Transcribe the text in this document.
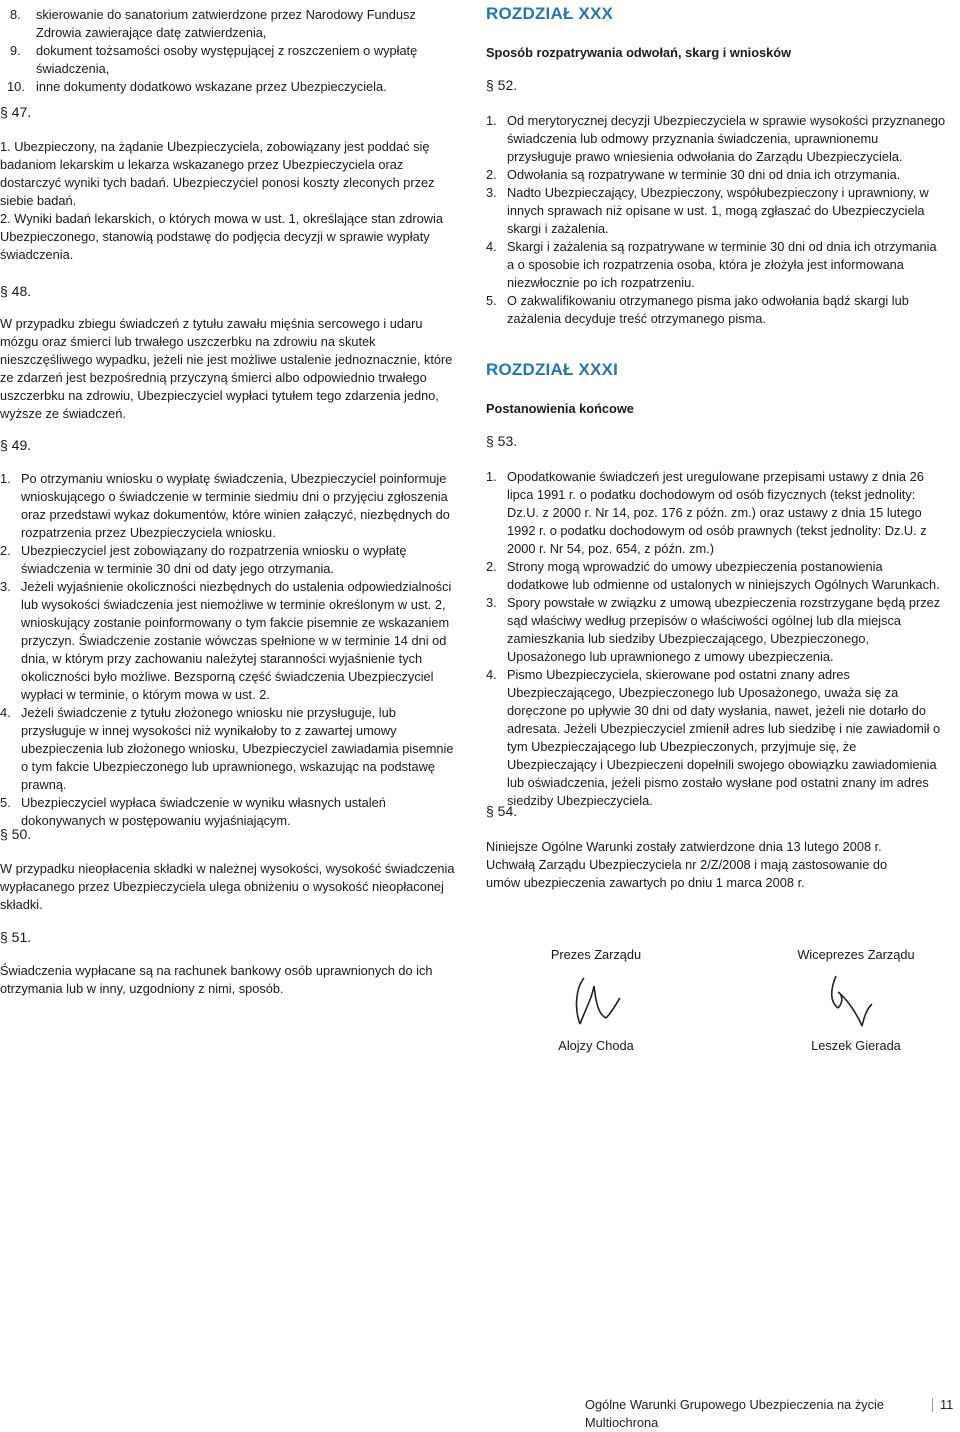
8. skierowanie do sanatorium zatwierdzone przez Narodowy Fundusz Zdrowia zawierające datę zatwierdzenia,

9. dokument tożsamości osoby występującej z roszczeniem o wypłatę świadczenia,

10. inne dokumenty dodatkowo wskazane przez Ubezpieczyciela.

§ 47.

1. Ubezpieczony, na żądanie Ubezpieczyciela, zobowiązany jest poddać się badaniom lekarskim u lekarza wskazanego przez Ubezpieczyciela oraz dostarczyć wyniki tych badań. Ubezpieczyciel ponosi koszty zleconych przez siebie badań.

2. Wyniki badań lekarskich, o których mowa w ust. 1, określające stan zdrowia Ubezpieczonego, stanowią podstawę do podjęcia decyzji w sprawie wypłaty świadczenia.

§ 48.

W przypadku zbiegu świadczeń z tytułu zawału mięśnia sercowego i udaru mózgu oraz śmierci lub trwałego uszczerbku na zdrowiu na skutek nieszczęśliwego wypadku, jeżeli nie jest możliwe ustalenie jednoznacznie, które ze zdarzeń jest bezpośrednią przyczyną śmierci albo odpowiednio trwałego uszczerbku na zdrowiu, Ubezpieczyciel wypłaci tytułem tego zdarzenia jedno, wyższe ze świadczeń.

§ 49.

1. Po otrzymaniu wniosku o wypłatę świadczenia, Ubezpieczyciel poinformuje wnioskującego o świadczenie w terminie siedmiu dni o przyjęciu zgłoszenia oraz przedstawi wykaz dokumentów, które winien załączyć, niezbędnych do rozpatrzenia przez Ubezpieczyciela wniosku.

2. Ubezpieczyciel jest zobowiązany do rozpatrzenia wniosku o wypłatę świadczenia w terminie 30 dni od daty jego otrzymania.

3. Jeżeli wyjaśnienie okoliczności niezbędnych do ustalenia odpowiedzialności lub wysokości świadczenia jest niemożliwe w terminie określonym w ust. 2, wnioskujący zostanie poinformowany o tym fakcie pisemnie ze wskazaniem przyczyn. Świadczenie zostanie wówczas spełnione w w terminie 14 dni od dnia, w którym przy zachowaniu należytej staranności wyjaśnienie tych okoliczności było możliwe. Bezsporną część świadczenia Ubezpieczyciel wypłaci w terminie, o którym mowa w ust. 2.

4. Jeżeli świadczenie z tytułu złożonego wniosku nie przysługuje, lub przysługuje w innej wysokości niż wynikałoby to z zawartej umowy ubezpieczenia lub złożonego wniosku, Ubezpieczyciel zawiadamia pisemnie o tym fakcie Ubezpieczonego lub uprawnionego, wskazując na podstawę prawną.

5. Ubezpieczyciel wypłaca świadczenie w wyniku własnych ustaleń dokonywanych w postępowaniu wyjaśniającym.

§ 50.

W przypadku nieopłacenia składki w należnej wysokości, wysokość świadczenia wypłacanego przez Ubezpieczyciela ulega obniżeniu o wysokość nieopłaconej składki.

§ 51.

Świadczenia wypłacane są na rachunek bankowy osób uprawnionych do ich otrzymania lub w inny, uzgodniony z nimi, sposób.

ROZDZIAŁ XXX
Sposób rozpatrywania odwołań, skarg i wniosków
§ 52.

1. Od merytorycznej decyzji Ubezpieczyciela w sprawie wysokości przyznanego świadczenia lub odmowy przyznania świadczenia, uprawnionemu przysługuje prawo wniesienia odwołania do Zarządu Ubezpieczyciela.

2. Odwołania są rozpatrywane w terminie 30 dni od dnia ich otrzymania.

3. Nadto Ubezpieczający, Ubezpieczony, współubezpieczony i uprawniony, w innych sprawach niż opisane w ust. 1, mogą zgłaszać do Ubezpieczyciela skargi i zażalenia.

4. Skargi i zażalenia są rozpatrywane w terminie 30 dni od dnia ich otrzymania a o sposobie ich rozpatrzenia osoba, która je złożyła jest informowana niezwłocznie po ich rozpatrzeniu.

5. O zakwalifikowaniu otrzymanego pisma jako odwołania bądź skargi lub zażalenia decyduje treść otrzymanego pisma.

ROZDZIAŁ XXXI
Postanowienia końcowe
§ 53.

1. Opodatkowanie świadczeń jest uregulowane przepisami ustawy z dnia 26 lipca 1991 r. o podatku dochodowym od osób fizycznych (tekst jednolity: Dz.U. z 2000 r. Nr 14, poz. 176 z późn. zm.) oraz ustawy z dnia 15 lutego 1992 r. o podatku dochodowym od osób prawnych (tekst jednolity: Dz.U. z 2000 r. Nr 54, poz. 654, z późn. zm.)

2. Strony mogą wprowadzić do umowy ubezpieczenia postanowienia dodatkowe lub odmienne od ustalonych w niniejszych Ogólnych Warunkach.

3. Spory powstałe w związku z umową ubezpieczenia rozstrzygane będą przez sąd właściwy według przepisów o właściwości ogólnej lub dla miejsca zamieszkania lub siedziby Ubezpieczającego, Ubezpieczonego, Uposażonego lub uprawnionego z umowy ubezpieczenia.

4. Pismo Ubezpieczyciela, skierowane pod ostatni znany adres Ubezpieczającego, Ubezpieczonego lub Uposażonego, uważa się za doręczone po upływie 30 dni od daty wysłania, nawet, jeżeli nie dotarło do adresata. Jeżeli Ubezpieczyciel zmienił adres lub siedzibę i nie zawiadomił o tym Ubezpieczającego lub Ubezpieczonych, przyjmuje się, że Ubezpieczający i Ubezpieczeni dopełnili swojego obowiązku zawiadomienia lub oświadczenia, jeżeli pismo zostało wysłane pod ostatni znany im adres siedziby Ubezpieczyciela.

§ 54.

Niniejsze Ogólne Warunki zostały zatwierdzone dnia 13 lutego 2008 r. Uchwałą Zarządu Ubezpieczyciela nr 2/Z/2008 i mają zastosowanie do umów ubezpieczenia zawartych po dniu 1 marca 2008 r.

Prezes Zarządu	Wiceprezes Zarządu
Alojzy Choda	Leszek Gierada
Ogólne Warunki Grupowego Ubezpieczenia na życie Multiochrona
11
